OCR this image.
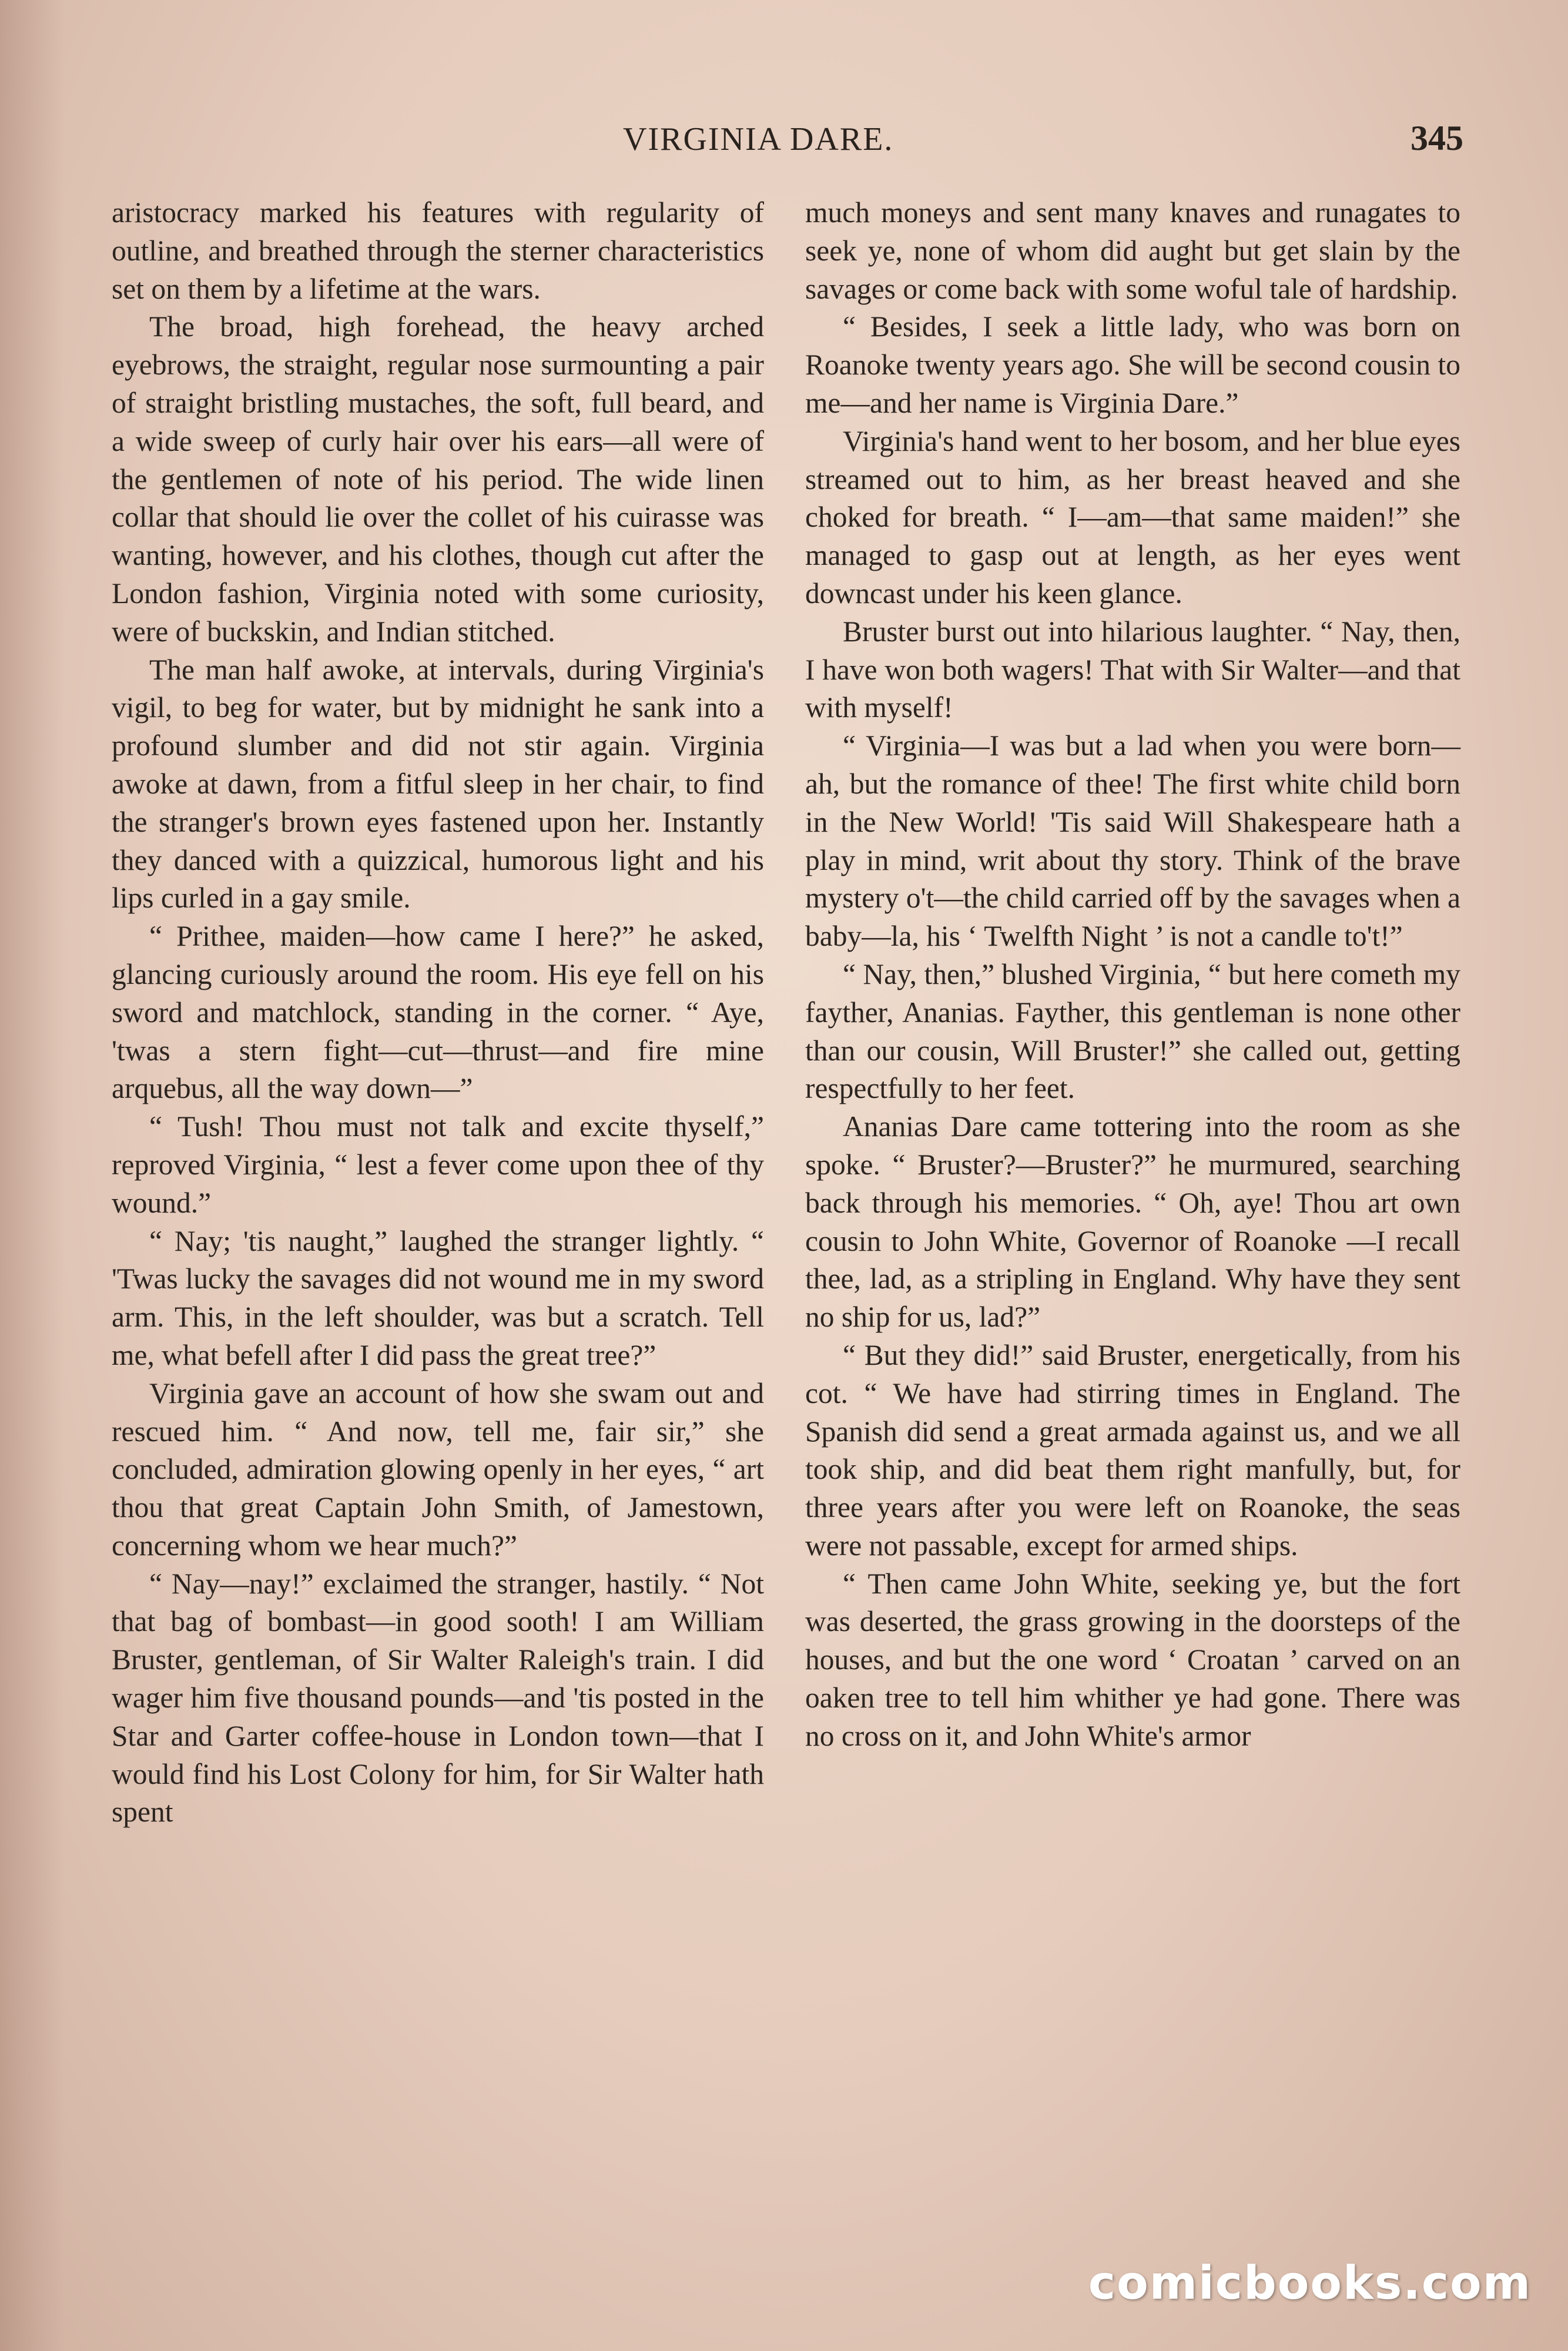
VIRGINIA DARE.	345

aristocracy marked his features with regularity of outline, and breathed through the sterner characteristics set on them by a lifetime at the wars.

The broad, high forehead, the heavy arched eyebrows, the straight, regular nose surmounting a pair of straight bristling mustaches, the soft, full beard, and a wide sweep of curly hair over his ears—all were of the gentlemen of note of his period. The wide linen collar that should lie over the collet of his cuirasse was wanting, however, and his clothes, though cut after the London fashion, Virginia noted with some curiosity, were of buckskin, and Indian stitched.

The man half awoke, at intervals, during Virginia's vigil, to beg for water, but by midnight he sank into a profound slumber and did not stir again. Virginia awoke at dawn, from a fitful sleep in her chair, to find the stranger's brown eyes fastened upon her. Instantly they danced with a quizzical, humorous light and his lips curled in a gay smile.

“ Prithee, maiden—how came I here?” he asked, glancing curiously around the room. His eye fell on his sword and matchlock, standing in the corner. “ Aye, 'twas a stern fight—cut—thrust—and fire mine arquebus, all the way down—”

“ Tush! Thou must not talk and excite thyself,” reproved Virginia, “ lest a fever come upon thee of thy wound.”

“ Nay; 'tis naught,” laughed the stranger lightly. “ 'Twas lucky the savages did not wound me in my sword arm. This, in the left shoulder, was but a scratch. Tell me, what befell after I did pass the great tree?”

Virginia gave an account of how she swam out and rescued him. “ And now, tell me, fair sir,” she concluded, admiration glowing openly in her eyes, “ art thou that great Captain John Smith, of Jamestown, concerning whom we hear much?”

“ Nay—nay!” exclaimed the stranger, hastily. “ Not that bag of bombast—in good sooth! I am William Bruster, gentleman, of Sir Walter Raleigh's train. I did wager him five thousand pounds—and 'tis posted in the Star and Garter coffee-house in London town—that I would find his Lost Colony for him, for Sir Walter hath spent

much moneys and sent many knaves and runagates to seek ye, none of whom did aught but get slain by the savages or come back with some woful tale of hardship.

“ Besides, I seek a little lady, who was born on Roanoke twenty years ago. She will be second cousin to me—and her name is Virginia Dare.”

Virginia's hand went to her bosom, and her blue eyes streamed out to him, as her breast heaved and she choked for breath. “ I—am—that same maiden!” she managed to gasp out at length, as her eyes went downcast under his keen glance.

Bruster burst out into hilarious laughter. “ Nay, then, I have won both wagers! That with Sir Walter—and that with myself!

“ Virginia—I was but a lad when you were born—ah, but the romance of thee! The first white child born in the New World! 'Tis said Will Shakespeare hath a play in mind, writ about thy story. Think of the brave mystery o't—the child carried off by the savages when a baby—la, his ‘ Twelfth Night ’ is not a candle to't!”

“ Nay, then,” blushed Virginia, “ but here cometh my fayther, Ananias. Fayther, this gentleman is none other than our cousin, Will Bruster!” she called out, getting respectfully to her feet.

Ananias Dare came tottering into the room as she spoke. “ Bruster?—Bruster?” he murmured, searching back through his memories. “ Oh, aye! Thou art own cousin to John White, Governor of Roanoke —I recall thee, lad, as a stripling in England. Why have they sent no ship for us, lad?”

“ But they did!” said Bruster, energetically, from his cot. “ We have had stirring times in England. The Spanish did send a great armada against us, and we all took ship, and did beat them right manfully, but, for three years after you were left on Roanoke, the seas were not passable, except for armed ships.

“ Then came John White, seeking ye, but the fort was deserted, the grass growing in the doorsteps of the houses, and but the one word ‘ Croatan ’ carved on an oaken tree to tell him whither ye had gone. There was no cross on it, and John White's armor

comicbooks.com
